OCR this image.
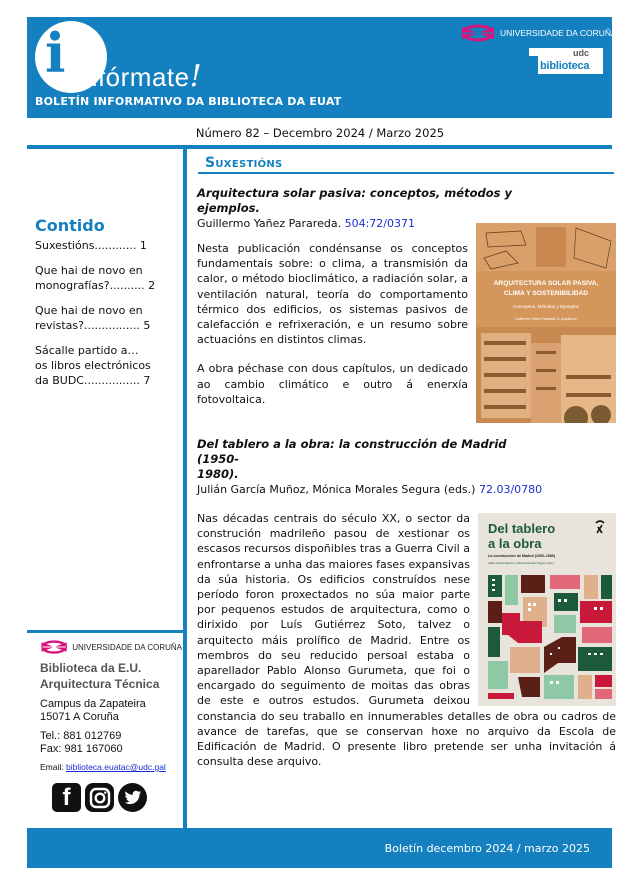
i nfórmate!
BOLETÍN INFORMATIVO DA BIBLIOTECA DA EUAT
UNIVERSIDADE DA CORUÑA
udc
biblioteca
Número 82 – Decembro 2024 / Marzo 2025
Contido
Suxestións............ 1
Que hai de novo en
monografías?.......... 2
Que hai de novo en
revistas?................ 5
Sácalle partido a…
os libros electrónicos
da BUDC................ 7
UNIVERSIDADE DA CORUÑA
Biblioteca da E.U.
Arquitectura Técnica
Campus da Zapateira
15071 A Coruña
Tel.: 881 012769
Fax: 981 167060
Email: biblioteca.euatac@udc.gal
f
Suxestións
Arquitectura solar pasiva: conceptos, métodos y
ejemplos.
Guillermo Yañez Parareda. 504:72/0371
ARQUITECTURA SOLAR PASIVA,
CLIMA Y SOSTENIBILIDAD
Conceptos, Métodos y Ejemplos
Guillermo Yáñez Parareda Dr. Arquitecto

Nesta publicación condénsanse os conceptos fundamentais sobre: o clima, a transmisión da calor, o método bioclimático, a radiación solar, a ventilación natural, teoría do comportamento térmico dos edificios, os sistemas pasivos de calefacción e refrixeración, e un resumo sobre actuacións en distintos climas.

A obra péchase con dous capítulos, un dedicado ao cambio climático e outro á enerxía fotovoltaica.

Del tablero a la obra: la construcción de Madrid (1950-
1980).
Julián García Muñoz, Mónica Morales Segura (eds.) 72.03/0780
Del tablero
a la obra
La construcción de Madrid (1950–1980)
Julián García Muñoz y Mónica Morales Segura (eds.)

Nas décadas centrais do século XX, o sector da construción madrileño pasou de xestionar os escasos recursos dispoñibles tras a Guerra Civil a enfrontarse a unha das maiores fases expansivas da súa historia. Os edificios construídos nese período foron proxectados no súa maior parte por pequenos estudos de arquitectura, como o dirixido por Luís Gutiérrez Soto, talvez o arquitecto máis prolífico de Madrid. Entre os membros do seu reducido persoal estaba o aparellador Pablo Alonso Gurumeta, que foi o encargado do seguimento de moitas das obras de este e outros estudos. Gurumeta deixou constancia do seu traballo en innumerables detalles de obra ou cadros de avance de tarefas, que se conservan hoxe no arquivo da Escola de Edificación de Madrid. O presente libro pretende ser unha invitación á consulta dese arquivo.

Boletín decembro 2024 / marzo 2025
